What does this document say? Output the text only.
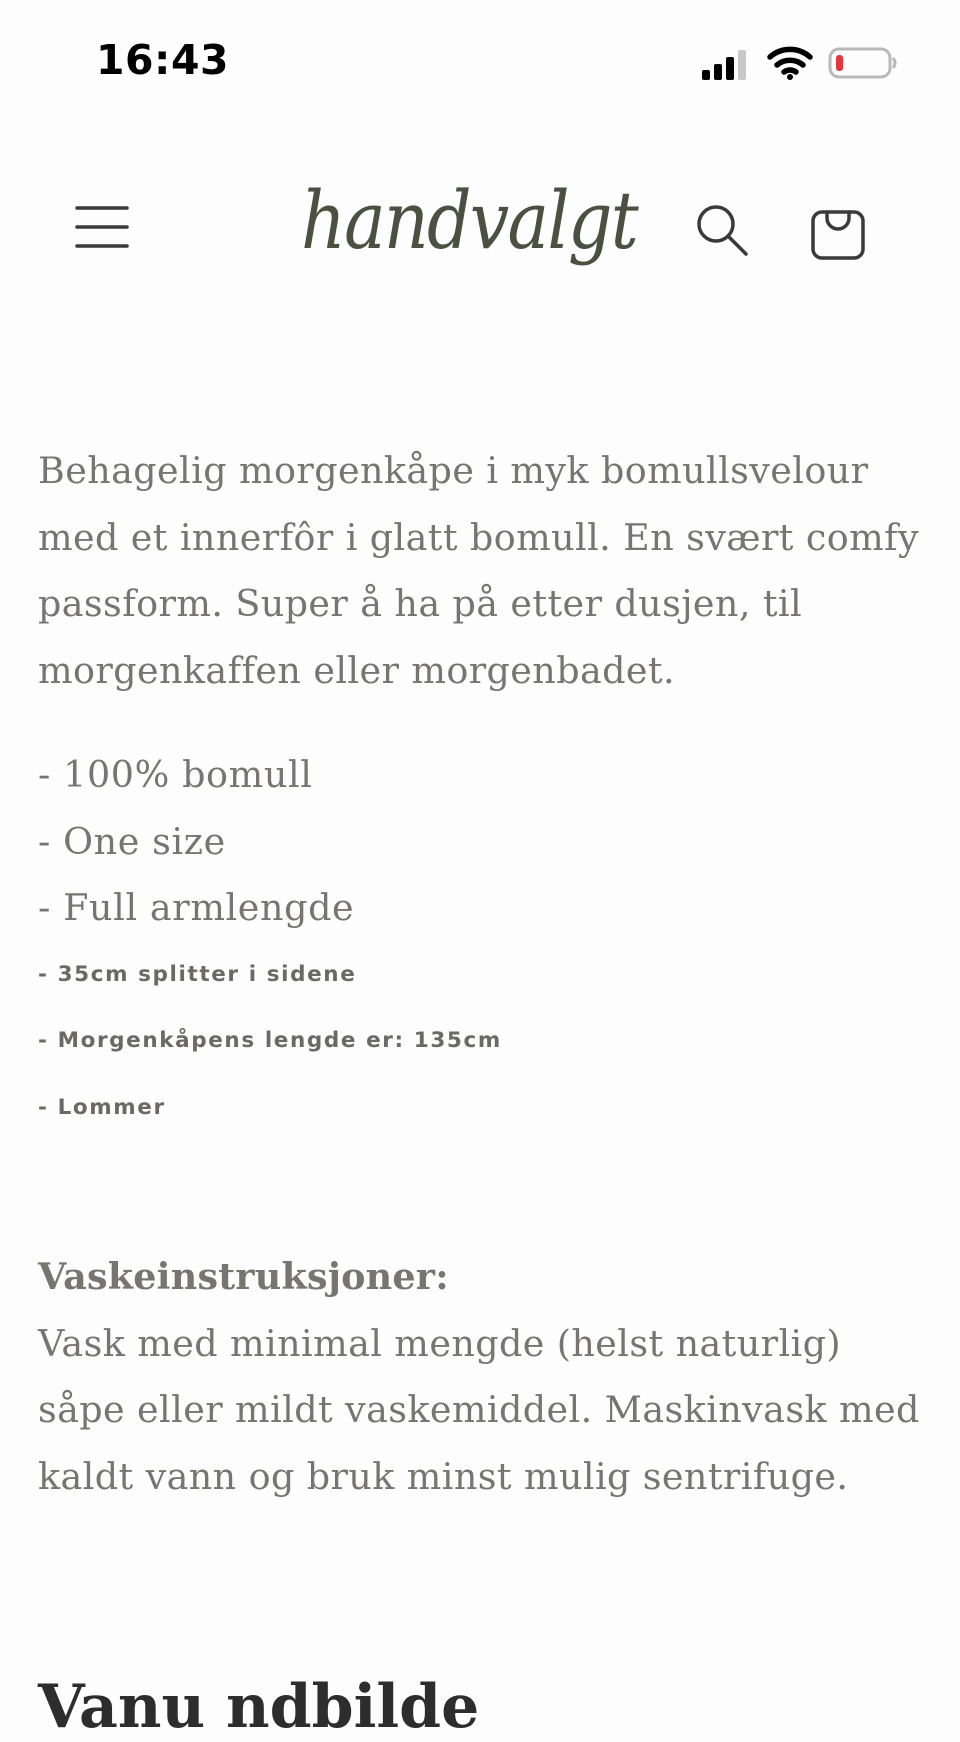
16:43
handvalgt

Behagelig morgenkåpe i myk bomullsvelour
med et innerfôr i glatt bomull. En svært comfy
passform. Super å ha på etter dusjen, til
morgenkaffen eller morgenbadet.

- 100% bomull
- One size
- Full armlengde
- 35cm splitter i sidene
- Morgenkåpens lengde er: 135cm
- Lommer
Vaskeinstruksjoner:

Vask med minimal mengde (helst naturlig)
såpe eller mildt vaskemiddel. Maskinvask med
kaldt vann og bruk minst mulig sentrifuge.

Vanu ndbilde
